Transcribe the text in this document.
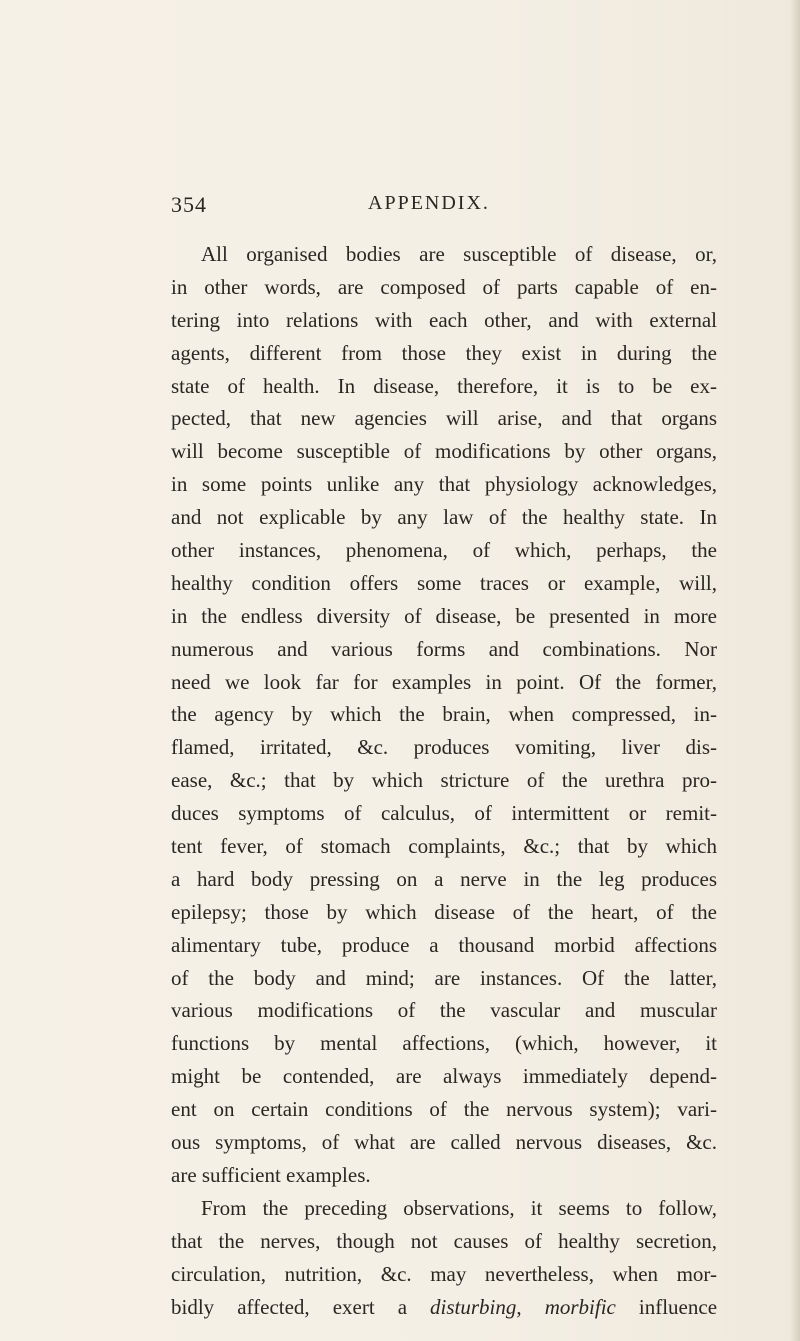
354	APPENDIX.
All organised bodies are susceptible of disease, or,
in other words, are composed of parts capable of en-
tering into relations with each other, and with external
agents, different from those they exist in during the
state of health. In disease, therefore, it is to be ex-
pected, that new agencies will arise, and that organs
will become susceptible of modifications by other organs,
in some points unlike any that physiology acknowledges,
and not explicable by any law of the healthy state. In
other instances, phenomena, of which, perhaps, the
healthy condition offers some traces or example, will,
in the endless diversity of disease, be presented in more
numerous and various forms and combinations. Nor
need we look far for examples in point. Of the former,
the agency by which the brain, when compressed, in-
flamed, irritated, &c. produces vomiting, liver dis-
ease, &c.; that by which stricture of the urethra pro-
duces symptoms of calculus, of intermittent or remit-
tent fever, of stomach complaints, &c.; that by which
a hard body pressing on a nerve in the leg produces
epilepsy; those by which disease of the heart, of the
alimentary tube, produce a thousand morbid affections
of the body and mind; are instances. Of the latter,
various modifications of the vascular and muscular
functions by mental affections, (which, however, it
might be contended, are always immediately depend-
ent on certain conditions of the nervous system); vari-
ous symptoms, of what are called nervous diseases, &c.
are sufficient examples.
From the preceding observations, it seems to follow,
that the nerves, though not causes of healthy secretion,
circulation, nutrition, &c. may nevertheless, when mor-
bidly affected, exert a disturbing, morbific influence
